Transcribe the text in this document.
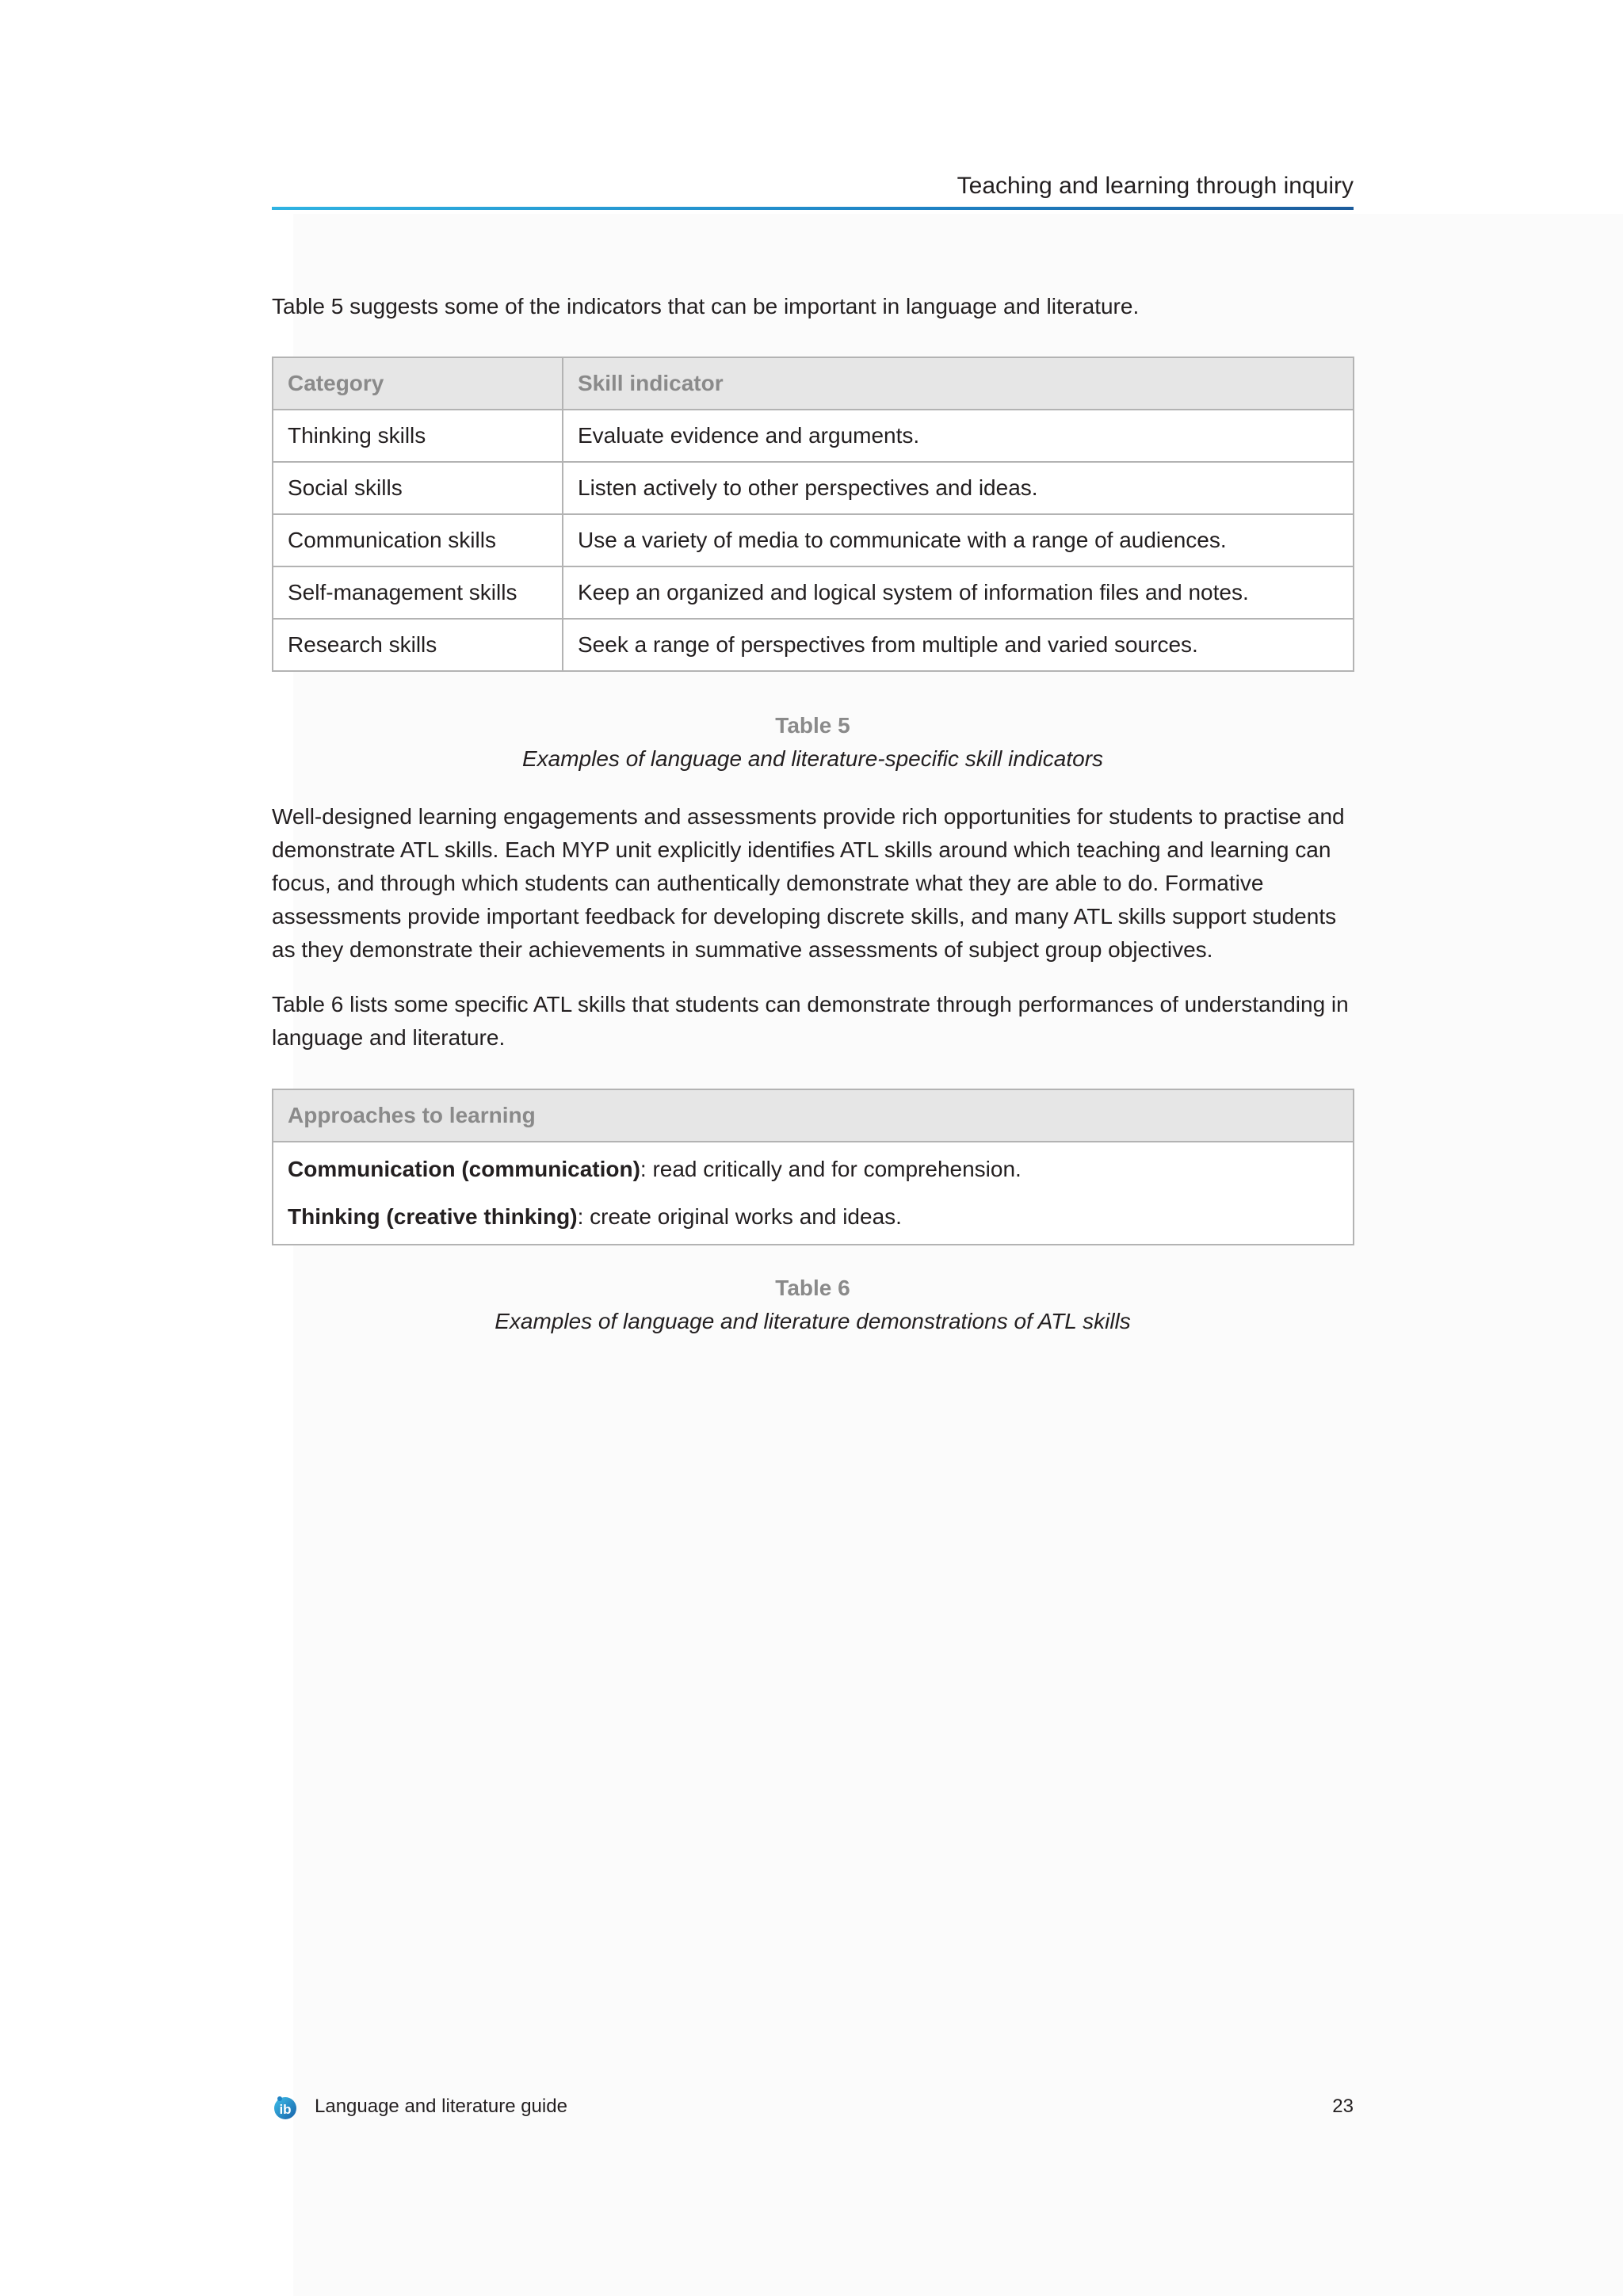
Teaching and learning through inquiry

Table 5 suggests some of the indicators that can be important in language and literature.

Category	Skill indicator
Thinking skills	Evaluate evidence and arguments.
Social skills	Listen actively to other perspectives and ideas.
Communication skills	Use a variety of media to communicate with a range of audiences.
Self-management skills	Keep an organized and logical system of information files and notes.
Research skills	Seek a range of perspectives from multiple and varied sources.
Table 5
Examples of language and literature-specific skill indicators

Well-designed learning engagements and assessments provide rich opportunities for students to practise and demonstrate ATL skills. Each MYP unit explicitly identifies ATL skills around which teaching and learning can focus, and through which students can authentically demonstrate what they are able to do. Formative assessments provide important feedback for developing discrete skills, and many ATL skills support students as they demonstrate their achievements in summative assessments of subject group objectives.

Table 6 lists some specific ATL skills that students can demonstrate through performances of understanding in language and literature.

Approaches to learning

Communication (communication): read critically and for comprehension.
Thinking (creative thinking): create original works and ideas.
Table 6
Examples of language and literature demonstrations of ATL skills
ib Language and literature guide	23
